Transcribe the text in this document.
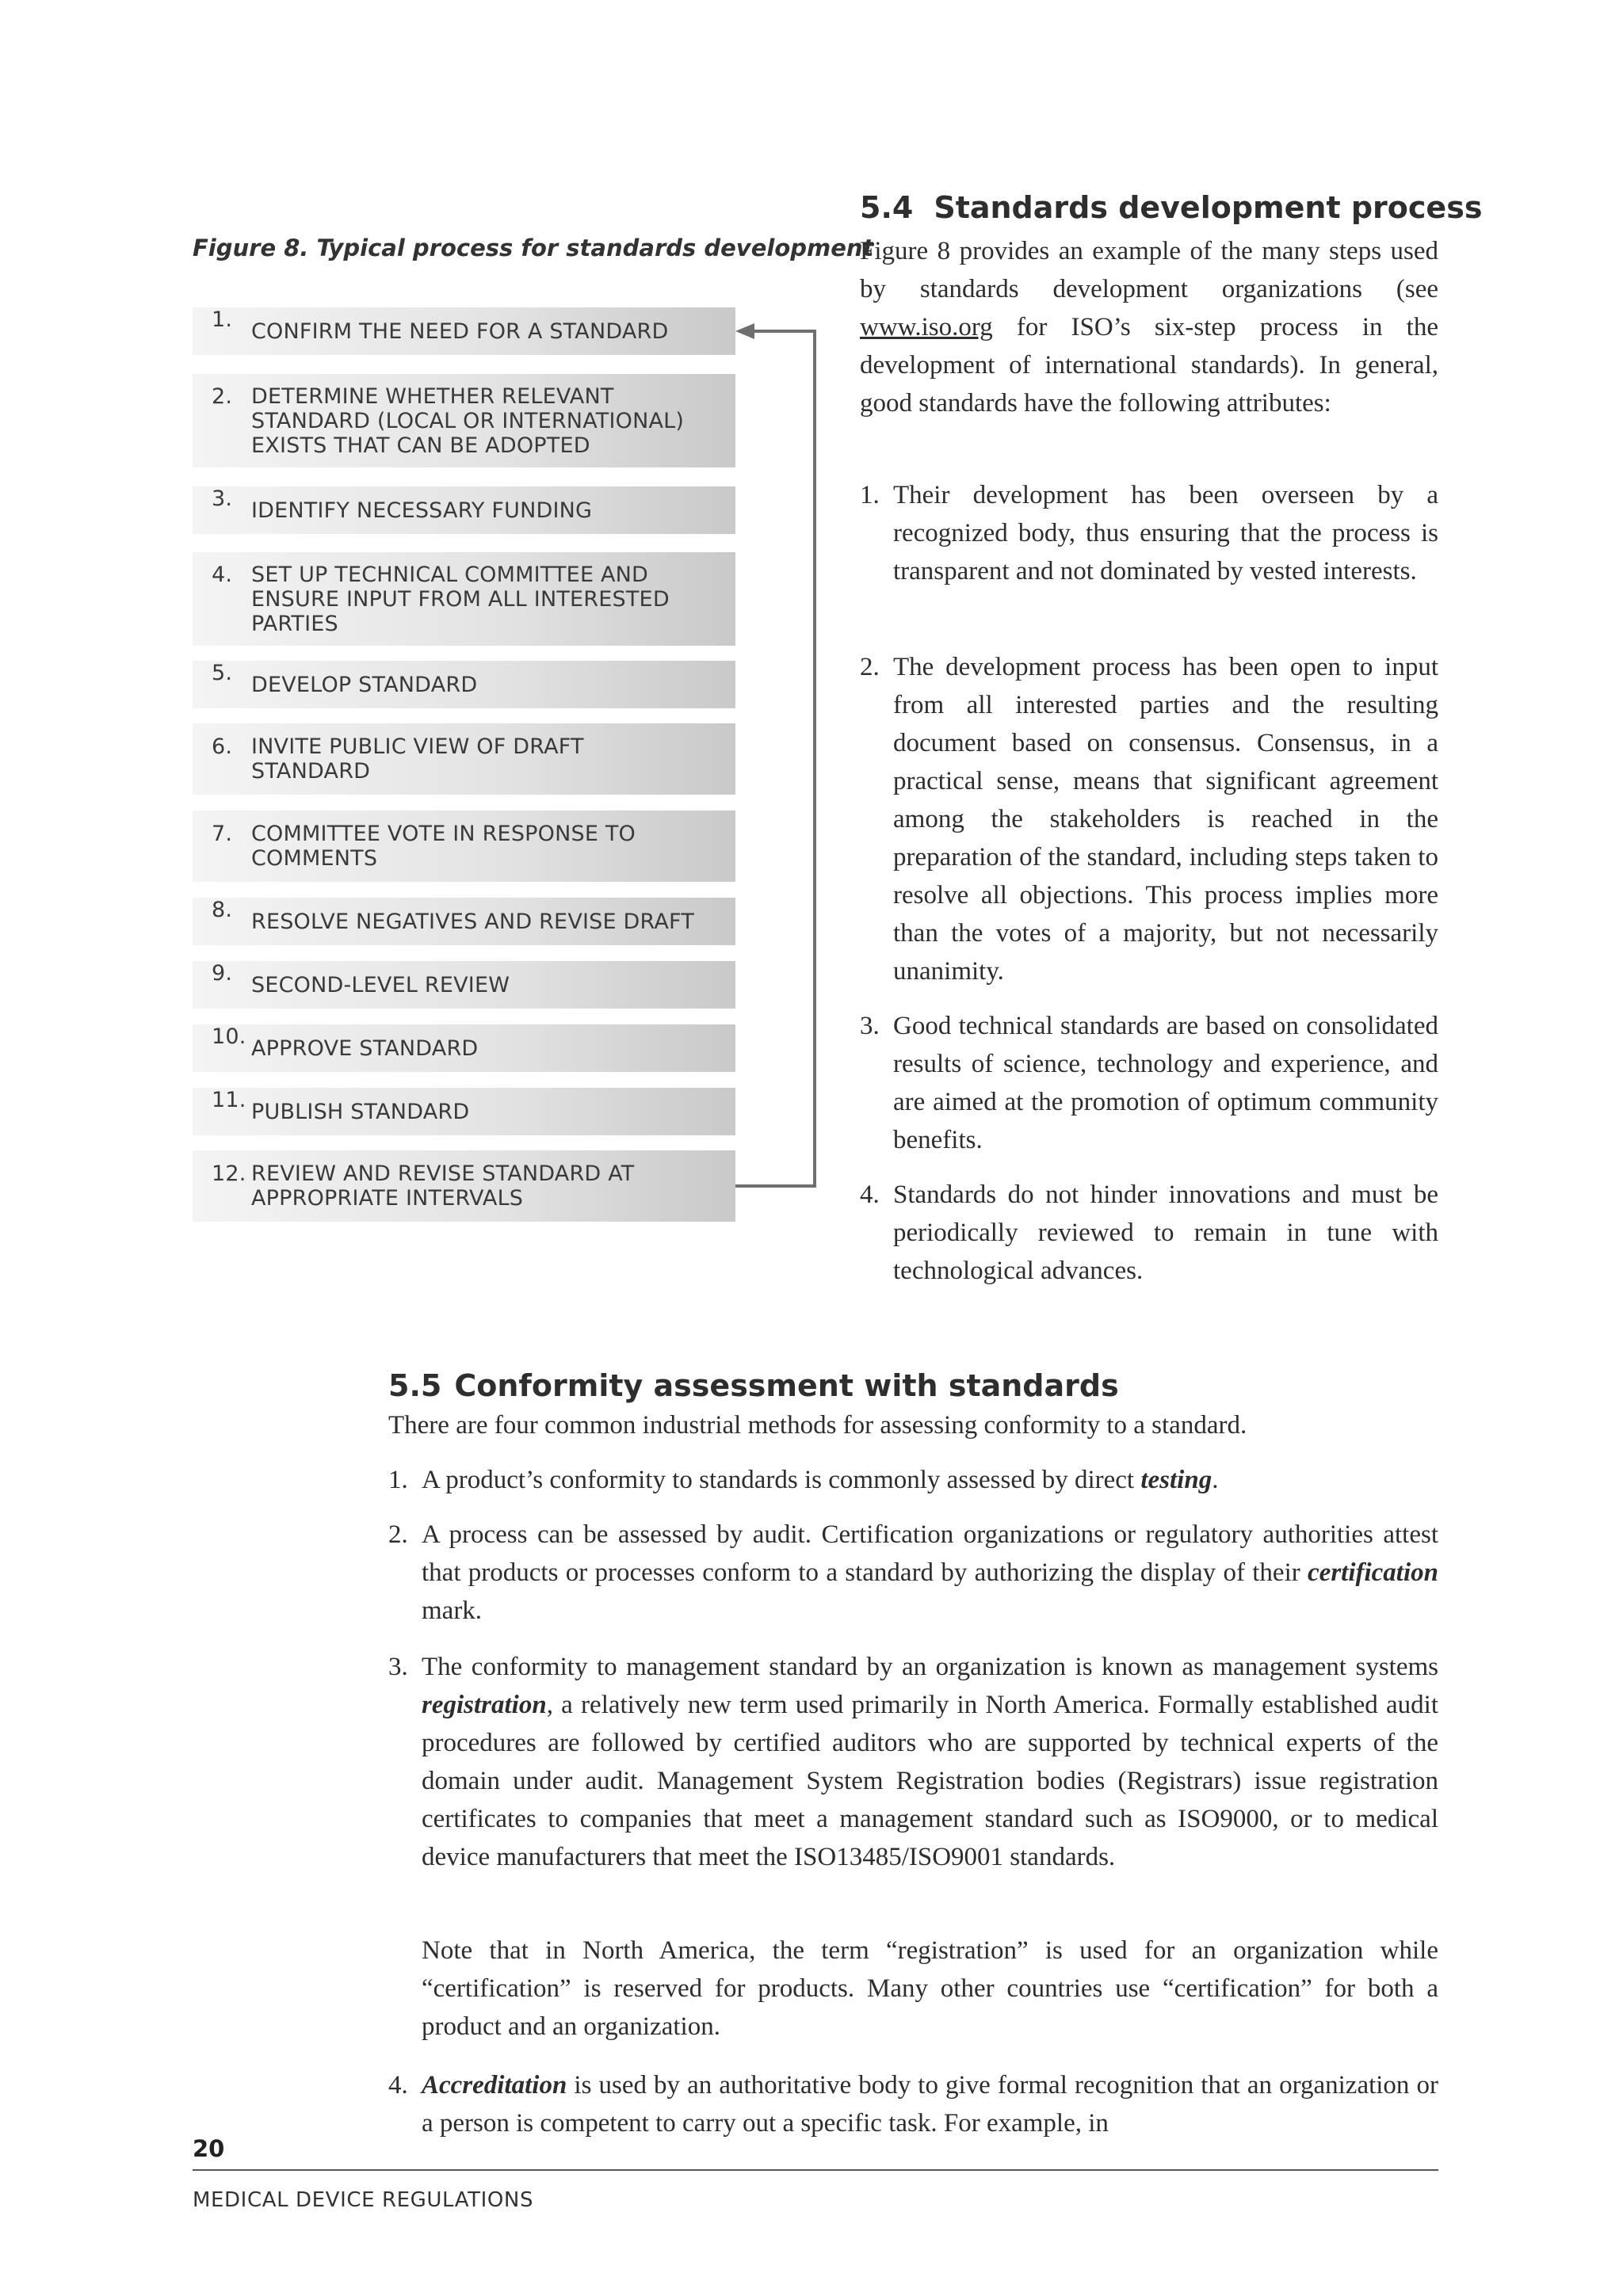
Figure 8. Typical process for standards development
1. CONFIRM THE NEED FOR A STANDARD
2. DETERMINE WHETHER RELEVANT STANDARD (LOCAL OR INTERNATIONAL) EXISTS THAT CAN BE ADOPTED
3. IDENTIFY NECESSARY FUNDING
4. SET UP TECHNICAL COMMITTEE AND ENSURE INPUT FROM ALL INTERESTED PARTIES
5. DEVELOP STANDARD
6. INVITE PUBLIC VIEW OF DRAFT STANDARD
7. COMMITTEE VOTE IN RESPONSE TO COMMENTS
8. RESOLVE NEGATIVES AND REVISE DRAFT
9. SECOND-LEVEL REVIEW
10. APPROVE STANDARD
11. PUBLISH STANDARD
12. REVIEW AND REVISE STANDARD AT APPROPRIATE INTERVALS
5.4 Standards development process
Figure 8 provides an example of the many steps used by standards development organizations (see www.iso.org for ISO’s six-step process in the development of international standards). In general, good standards have the following attributes:
1. Their development has been overseen by a recognized body, thus ensuring that the process is transparent and not dominated by vested interests.
2. The development process has been open to input from all interested parties and the resulting document based on consensus. Consensus, in a practical sense, means that significant agreement among the stakeholders is reached in the preparation of the standard, including steps taken to resolve all objections. This process implies more than the votes of a majority, but not necessarily unanimity.
3. Good technical standards are based on consolidated results of science, technology and experience, and are aimed at the promotion of optimum community benefits.
4. Standards do not hinder innovations and must be periodically reviewed to remain in tune with technological advances.
5.5 Conformity assessment with standards
There are four common industrial methods for assessing conformity to a standard.
1. A product’s conformity to standards is commonly assessed by direct testing.
2. A process can be assessed by audit. Certification organizations or regulatory authorities attest that products or processes conform to a standard by authorizing the display of their certification mark.
3. The conformity to management standard by an organization is known as management systems registration, a relatively new term used primarily in North America. Formally established audit procedures are followed by certified auditors who are supported by technical experts of the domain under audit. Management System Registration bodies (Registrars) issue registration certificates to companies that meet a management standard such as ISO9000, or to medical device manufacturers that meet the ISO13485/ISO9001 standards.
Note that in North America, the term “registration” is used for an organization while “certification” is reserved for products. Many other countries use “certification” for both a product and an organization.
4. Accreditation is used by an authoritative body to give formal recognition that an organization or a person is competent to carry out a specific task. For example, in
20
MEDICAL DEVICE REGULATIONS
